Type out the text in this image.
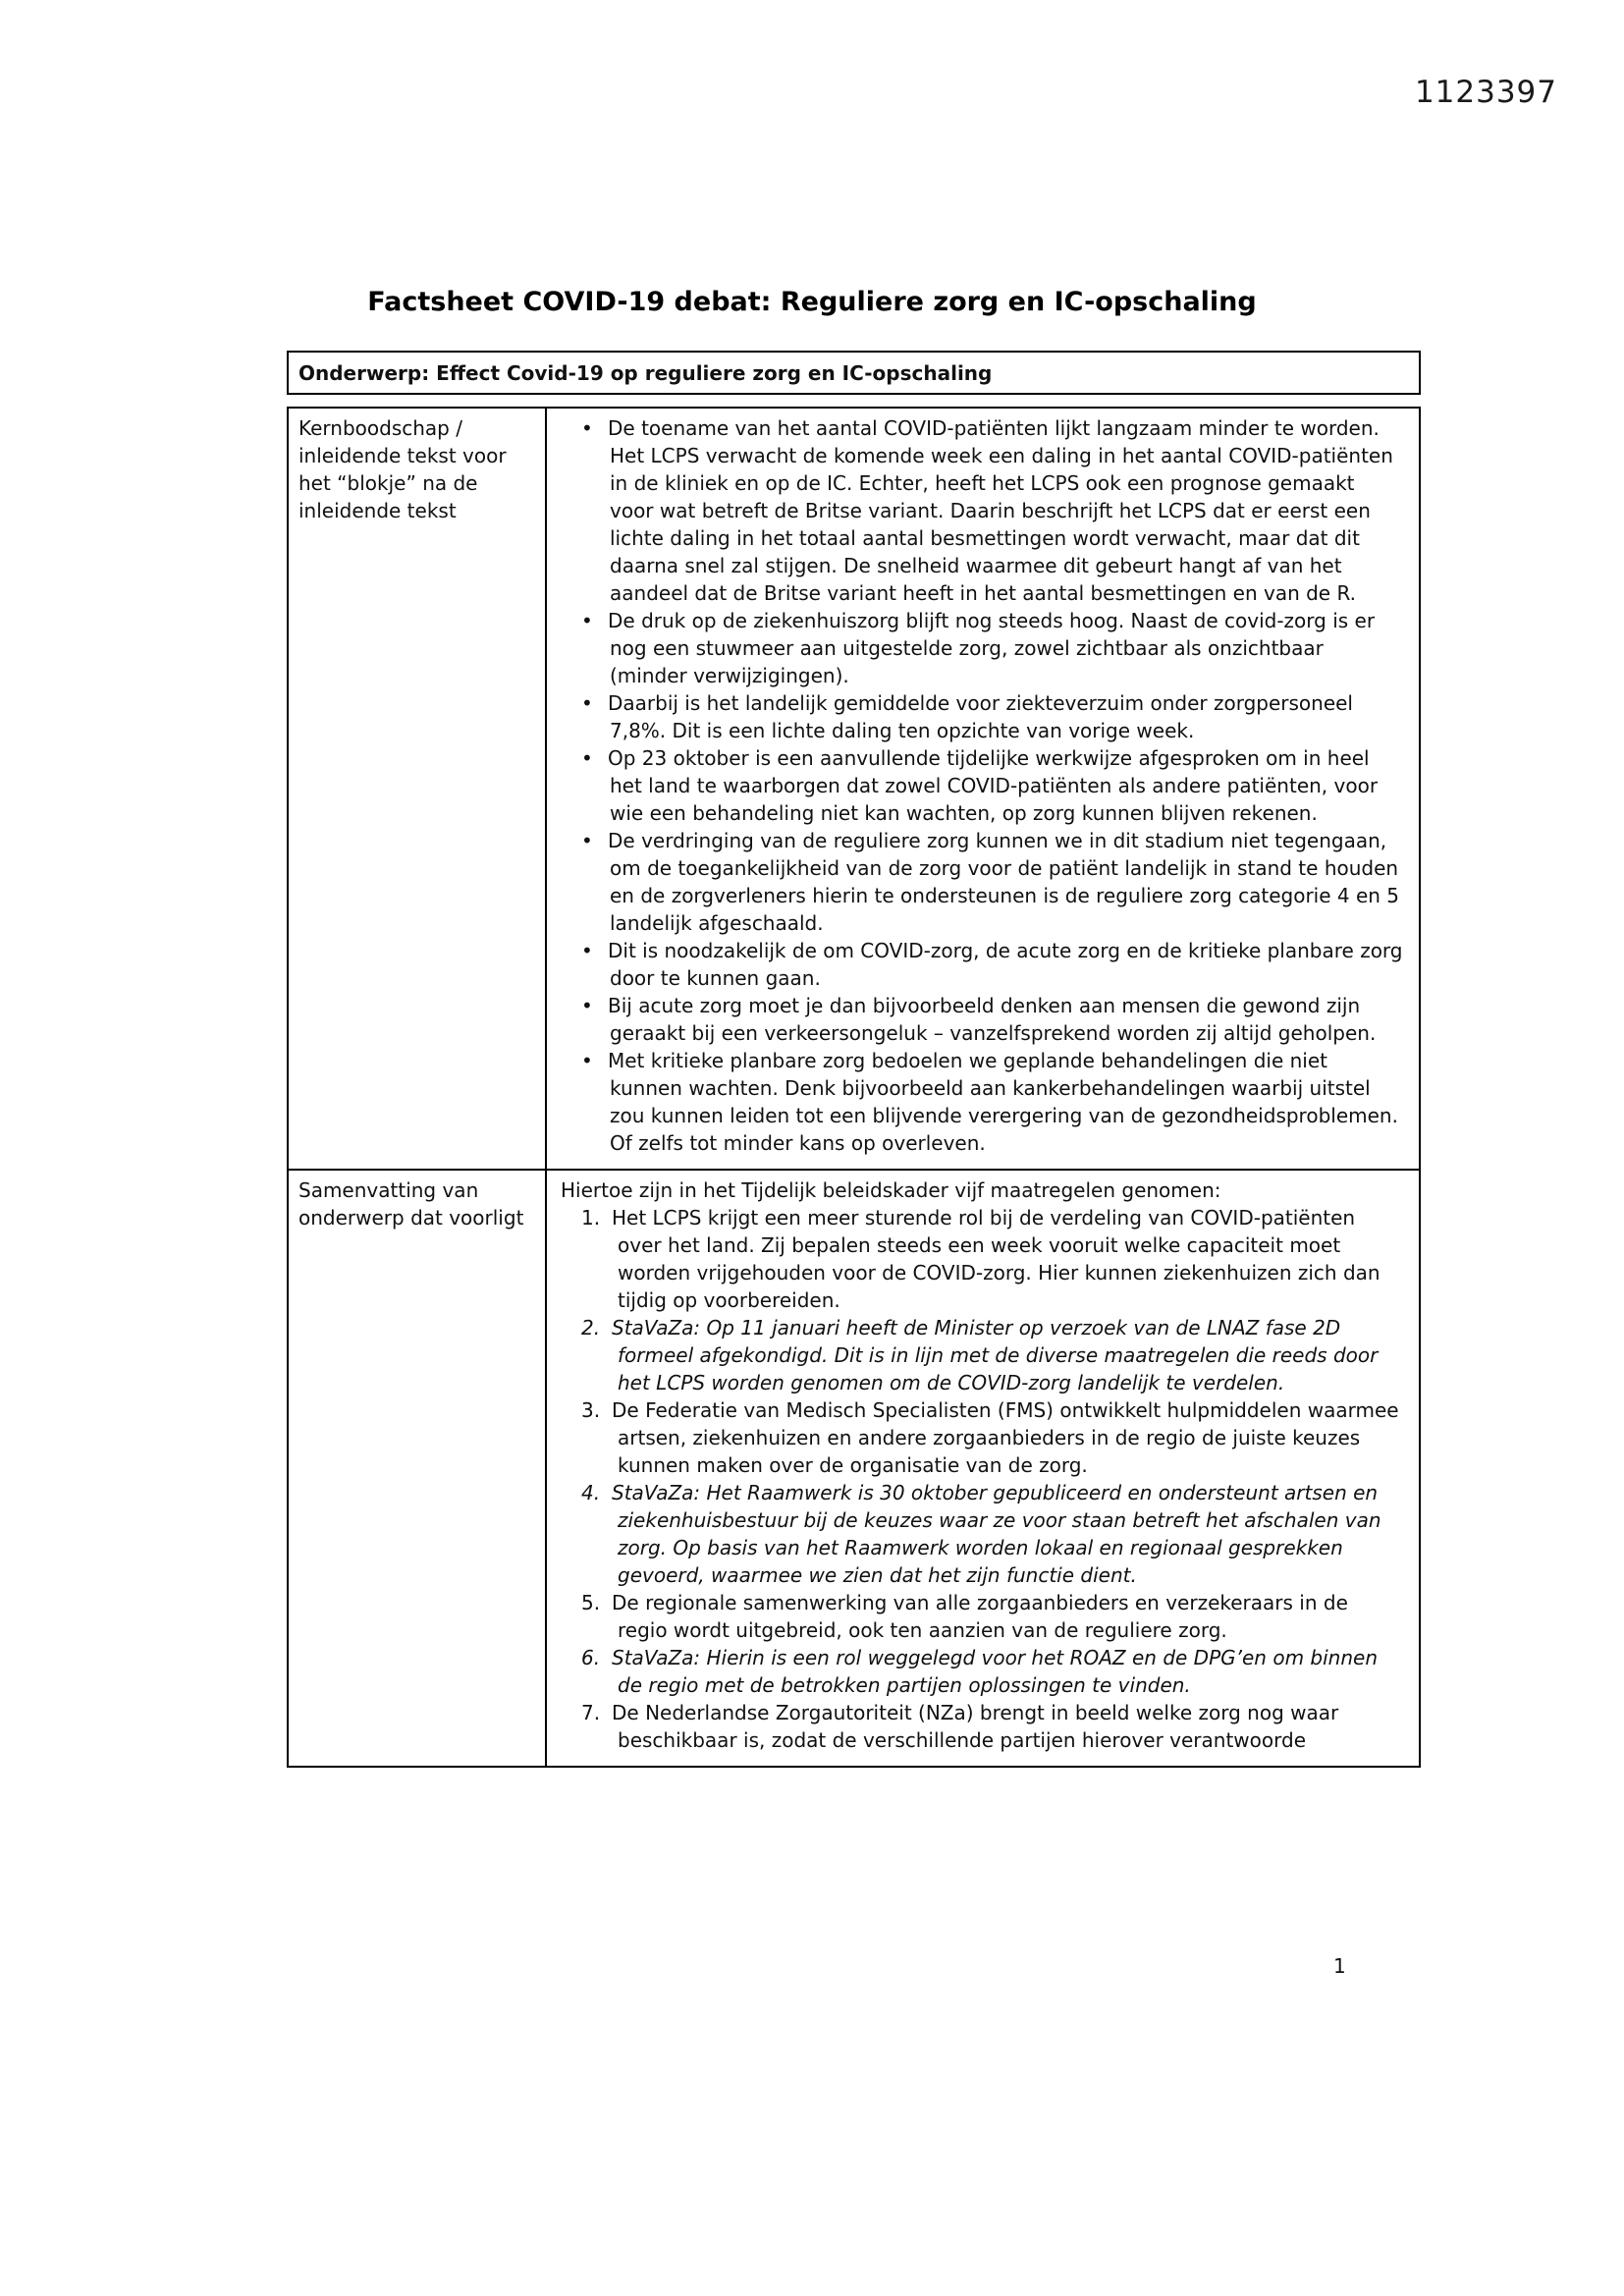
1123397
Factsheet COVID-19 debat: Reguliere zorg en IC-opschaling
Onderwerp: Effect Covid-19 op reguliere zorg en IC-opschaling
Kernboodschap / inleidende tekst voor het “blokje” na de inleidende tekst
• De toename van het aantal COVID-patiënten lijkt langzaam minder te worden. Het LCPS verwacht de komende week een daling in het aantal COVID-patiënten in de kliniek en op de IC. Echter, heeft het LCPS ook een prognose gemaakt voor wat betreft de Britse variant. Daarin beschrijft het LCPS dat er eerst een lichte daling in het totaal aantal besmettingen wordt verwacht, maar dat dit daarna snel zal stijgen. De snelheid waarmee dit gebeurt hangt af van het aandeel dat de Britse variant heeft in het aantal besmettingen en van de R.
• De druk op de ziekenhuiszorg blijft nog steeds hoog. Naast de covid-zorg is er nog een stuwmeer aan uitgestelde zorg, zowel zichtbaar als onzichtbaar (minder verwijzigingen).
• Daarbij is het landelijk gemiddelde voor ziekteverzuim onder zorgpersoneel 7,8%. Dit is een lichte daling ten opzichte van vorige week.
• Op 23 oktober is een aanvullende tijdelijke werkwijze afgesproken om in heel het land te waarborgen dat zowel COVID-patiënten als andere patiënten, voor wie een behandeling niet kan wachten, op zorg kunnen blijven rekenen.
• De verdringing van de reguliere zorg kunnen we in dit stadium niet tegengaan, om de toegankelijkheid van de zorg voor de patiënt landelijk in stand te houden en de zorgverleners hierin te ondersteunen is de reguliere zorg categorie 4 en 5 landelijk afgeschaald.
• Dit is noodzakelijk de om COVID-zorg, de acute zorg en de kritieke planbare zorg door te kunnen gaan.
• Bij acute zorg moet je dan bijvoorbeeld denken aan mensen die gewond zijn geraakt bij een verkeersongeluk – vanzelfsprekend worden zij altijd geholpen.
• Met kritieke planbare zorg bedoelen we geplande behandelingen die niet kunnen wachten. Denk bijvoorbeeld aan kankerbehandelingen waarbij uitstel zou kunnen leiden tot een blijvende verergering van de gezondheidsproblemen. Of zelfs tot minder kans op overleven.
Samenvatting van onderwerp dat voorligt
Hiertoe zijn in het Tijdelijk beleidskader vijf maatregelen genomen:
1. Het LCPS krijgt een meer sturende rol bij de verdeling van COVID-patiënten over het land. Zij bepalen steeds een week vooruit welke capaciteit moet worden vrijgehouden voor de COVID-zorg. Hier kunnen ziekenhuizen zich dan tijdig op voorbereiden.
2. StaVaZa: Op 11 januari heeft de Minister op verzoek van de LNAZ fase 2D formeel afgekondigd. Dit is in lijn met de diverse maatregelen die reeds door het LCPS worden genomen om de COVID-zorg landelijk te verdelen.
3. De Federatie van Medisch Specialisten (FMS) ontwikkelt hulpmiddelen waarmee artsen, ziekenhuizen en andere zorgaanbieders in de regio de juiste keuzes kunnen maken over de organisatie van de zorg.
4. StaVaZa: Het Raamwerk is 30 oktober gepubliceerd en ondersteunt artsen en ziekenhuisbestuur bij de keuzes waar ze voor staan betreft het afschalen van zorg. Op basis van het Raamwerk worden lokaal en regionaal gesprekken gevoerd, waarmee we zien dat het zijn functie dient.
5. De regionale samenwerking van alle zorgaanbieders en verzekeraars in de regio wordt uitgebreid, ook ten aanzien van de reguliere zorg.
6. StaVaZa: Hierin is een rol weggelegd voor het ROAZ en de DPG’en om binnen de regio met de betrokken partijen oplossingen te vinden.
7. De Nederlandse Zorgautoriteit (NZa) brengt in beeld welke zorg nog waar beschikbaar is, zodat de verschillende partijen hierover verantwoorde
1
